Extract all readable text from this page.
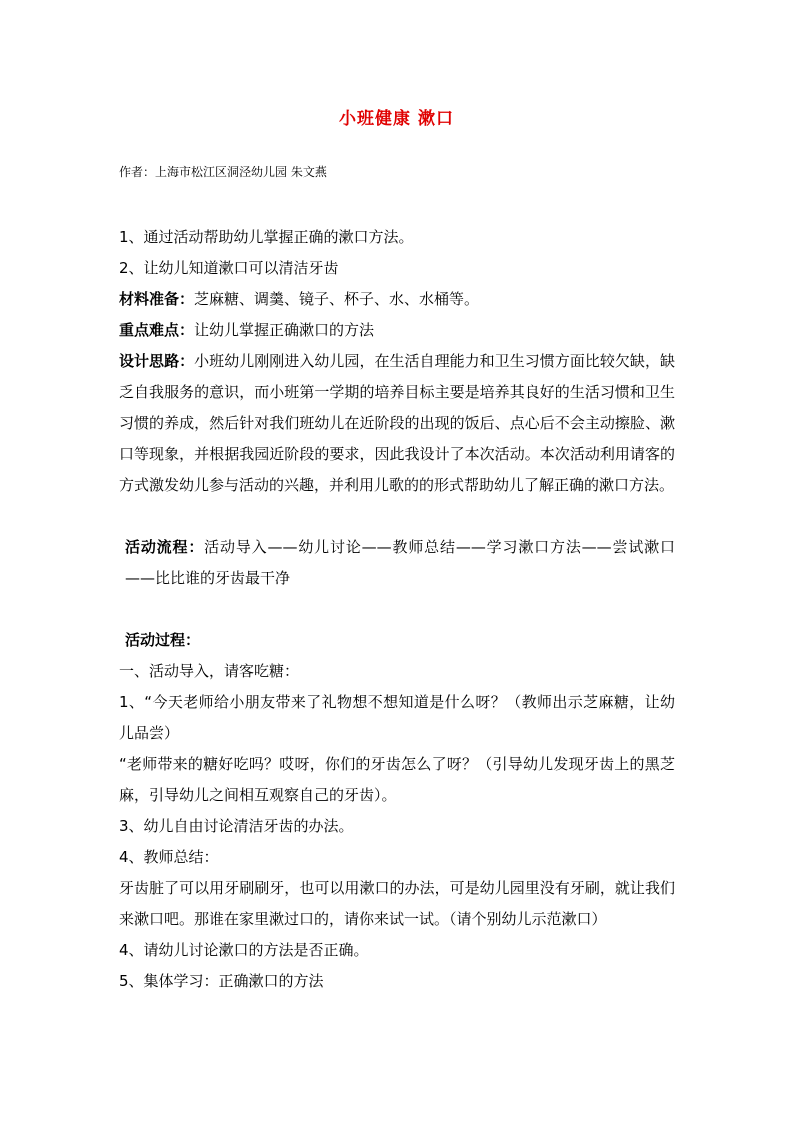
小班健康 漱口
作者：上海市松江区洞泾幼儿园 朱文燕

1、通过活动帮助幼儿掌握正确的漱口方法。

2、让幼儿知道漱口可以清洁牙齿

材料准备：芝麻糖、调羹、镜子、杯子、水、水桶等。

重点难点：让幼儿掌握正确漱口的方法

设计思路：小班幼儿刚刚进入幼儿园，在生活自理能力和卫生习惯方面比较欠缺，缺乏自我服务的意识，而小班第一学期的培养目标主要是培养其良好的生活习惯和卫生习惯的养成，然后针对我们班幼儿在近阶段的出现的饭后、点心后不会主动擦脸、漱口等现象，并根据我园近阶段的要求，因此我设计了本次活动。本次活动利用请客的方式激发幼儿参与活动的兴趣，并利用儿歌的的形式帮助幼儿了解正确的漱口方法。

活动流程：活动导入——幼儿讨论——教师总结——学习漱口方法——尝试漱口——比比谁的牙齿最干净

活动过程：

一、活动导入，请客吃糖：

1、“今天老师给小朋友带来了礼物想不想知道是什么呀？（教师出示芝麻糖，让幼儿品尝）

“老师带来的糖好吃吗？哎呀，你们的牙齿怎么了呀？（引导幼儿发现牙齿上的黑芝麻，引导幼儿之间相互观察自己的牙齿）。

3、幼儿自由讨论清洁牙齿的办法。

4、教师总结：

牙齿脏了可以用牙刷刷牙，也可以用漱口的办法，可是幼儿园里没有牙刷，就让我们来漱口吧。那谁在家里漱过口的，请你来试一试。（请个别幼儿示范漱口）

4、请幼儿讨论漱口的方法是否正确。

5、集体学习：正确漱口的方法
